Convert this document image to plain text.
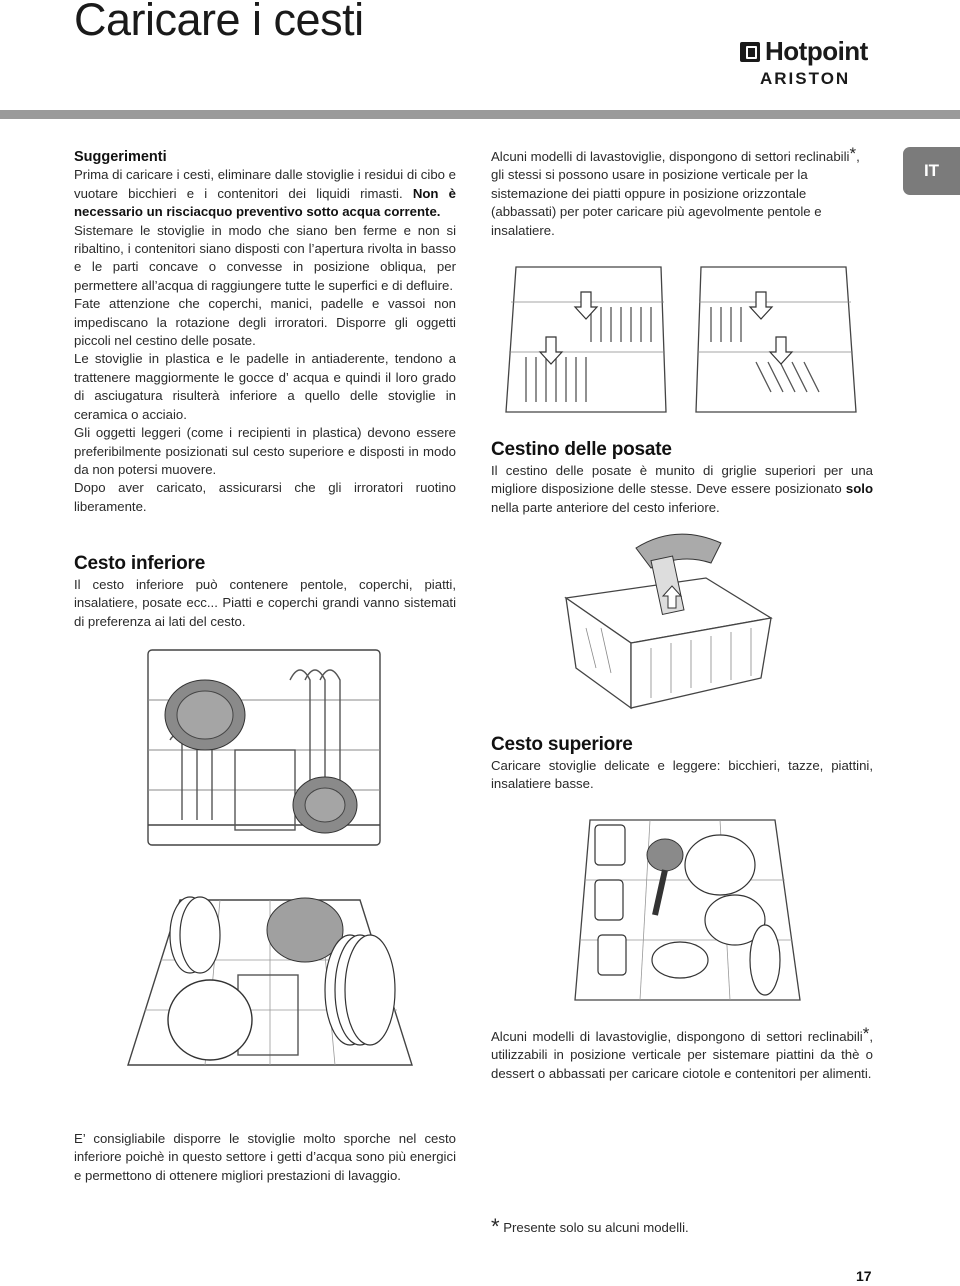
Caricare i cesti
Hotpoint
ARISTON
IT

Suggerimenti

Prima di caricare i cesti, eliminare dalle stoviglie i residui di cibo e vuotare bicchieri e i contenitori dei liquidi rimasti. Non è necessario un risciacquo preventivo sotto acqua corrente.

Sistemare le stoviglie in modo che siano ben ferme e non si ribaltino, i contenitori siano disposti con l’apertura rivolta in basso e le parti concave o convesse in posizione obliqua, per permettere all’acqua di raggiungere tutte le superfici e di defluire.

Fate attenzione che coperchi, manici, padelle e vassoi non impediscano la rotazione degli irroratori. Disporre gli oggetti piccoli nel cestino delle posate.

Le stoviglie in plastica e le padelle in antiaderente, tendono a trattenere maggiormente le gocce d’ acqua e quindi il loro grado di asciugatura risulterà inferiore a quello delle stoviglie in ceramica o acciaio.

Gli oggetti leggeri (come i recipienti in plastica) devono essere preferibilmente posizionati sul cesto superiore e disposti in modo da non potersi muovere.

Dopo aver caricato, assicurarsi che gli irroratori ruotino liberamente.

Cesto inferiore

Il cesto inferiore può contenere pentole, coperchi, piatti, insalatiere, posate ecc... Piatti e coperchi grandi vanno sistemati di preferenza ai lati del cesto.

E’ consigliabile disporre le stoviglie molto sporche nel cesto inferiore poichè in questo settore i getti d’acqua sono più energici e permettono di ottenere migliori prestazioni di lavaggio.

Alcuni modelli di lavastoviglie, dispongono di settori reclinabili*, gli stessi si possono usare in posizione verticale per la sistemazione dei piatti oppure in posizione orizzontale (abbassati) per poter caricare più agevolmente pentole e insalatiere.

Cestino delle posate

Il cestino delle posate è munito di griglie superiori per una migliore disposizione delle stesse. Deve essere posizionato solo nella parte anteriore del cesto inferiore.

Cesto superiore

Caricare stoviglie delicate e leggere: bicchieri, tazze, piattini, insalatiere basse.

Alcuni modelli di lavastoviglie, dispongono di settori reclinabili*, utilizzabili in posizione verticale per sistemare piattini da thè o dessert o abbassati per caricare ciotole e contenitori per alimenti.

* Presente solo su alcuni modelli.

17
